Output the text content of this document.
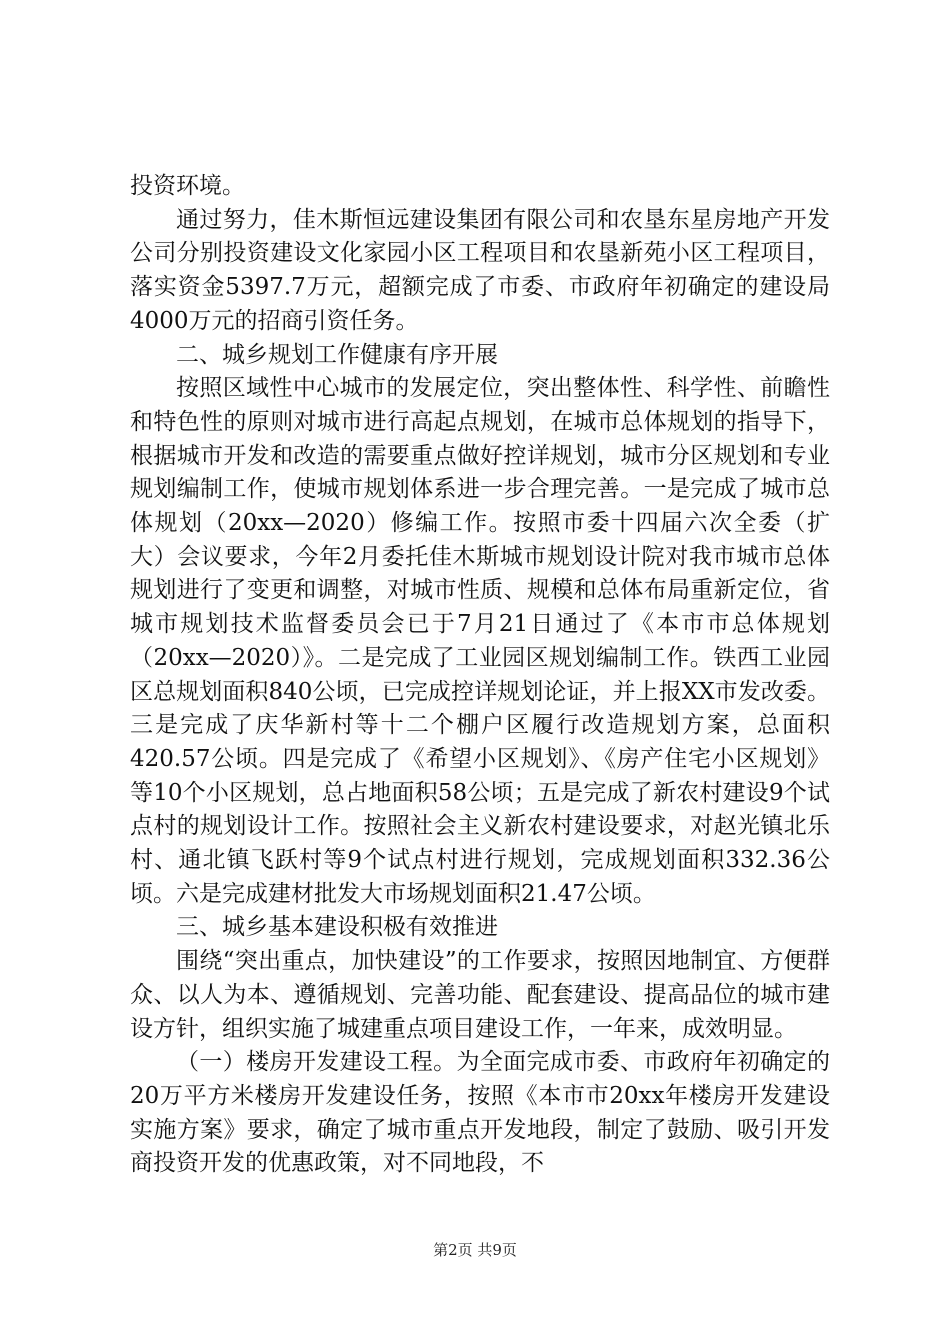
投资环境。

通过努力，佳木斯恒远建设集团有限公司和农垦东星房地产开发公司分别投资建设文化家园小区工程项目和农垦新苑小区工程项目，落实资金5397.7万元，超额完成了市委、市政府年初确定的建设局4000万元的招商引资任务。

二、城乡规划工作健康有序开展

按照区域性中心城市的发展定位，突出整体性、科学性、前瞻性和特色性的原则对城市进行高起点规划，在城市总体规划的指导下，根据城市开发和改造的需要重点做好控详规划，城市分区规划和专业规划编制工作，使城市规划体系进一步合理完善。一是完成了城市总体规划（20xx—2020）修编工作。按照市委十四届六次全委（扩大）会议要求，今年2月委托佳木斯城市规划设计院对我市城市总体规划进行了变更和调整，对城市性质、规模和总体布局重新定位，省城市规划技术监督委员会已于7月21日通过了《本市市总体规划（20xx—2020）》。二是完成了工业园区规划编制工作。铁西工业园区总规划面积840公顷，已完成控详规划论证，并上报XX市发改委。三是完成了庆华新村等十二个棚户区履行改造规划方案，总面积420.57公顷。四是完成了《希望小区规划》、《房产住宅小区规划》等10个小区规划，总占地面积58公顷；五是完成了新农村建设9个试点村的规划设计工作。按照社会主义新农村建设要求，对赵光镇北乐村、通北镇飞跃村等9个试点村进行规划，完成规划面积332.36公顷。六是完成建材批发大市场规划面积21.47公顷。

三、城乡基本建设积极有效推进

围绕“突出重点，加快建设”的工作要求，按照因地制宜、方便群众、以人为本、遵循规划、完善功能、配套建设、提高品位的城市建设方针，组织实施了城建重点项目建设工作，一年来，成效明显。

（一）楼房开发建设工程。为全面完成市委、市政府年初确定的20万平方米楼房开发建设任务，按照《本市市20xx年楼房开发建设实施方案》要求，确定了城市重点开发地段，制定了鼓励、吸引开发商投资开发的优惠政策，对不同地段，不

第2页 共9页
